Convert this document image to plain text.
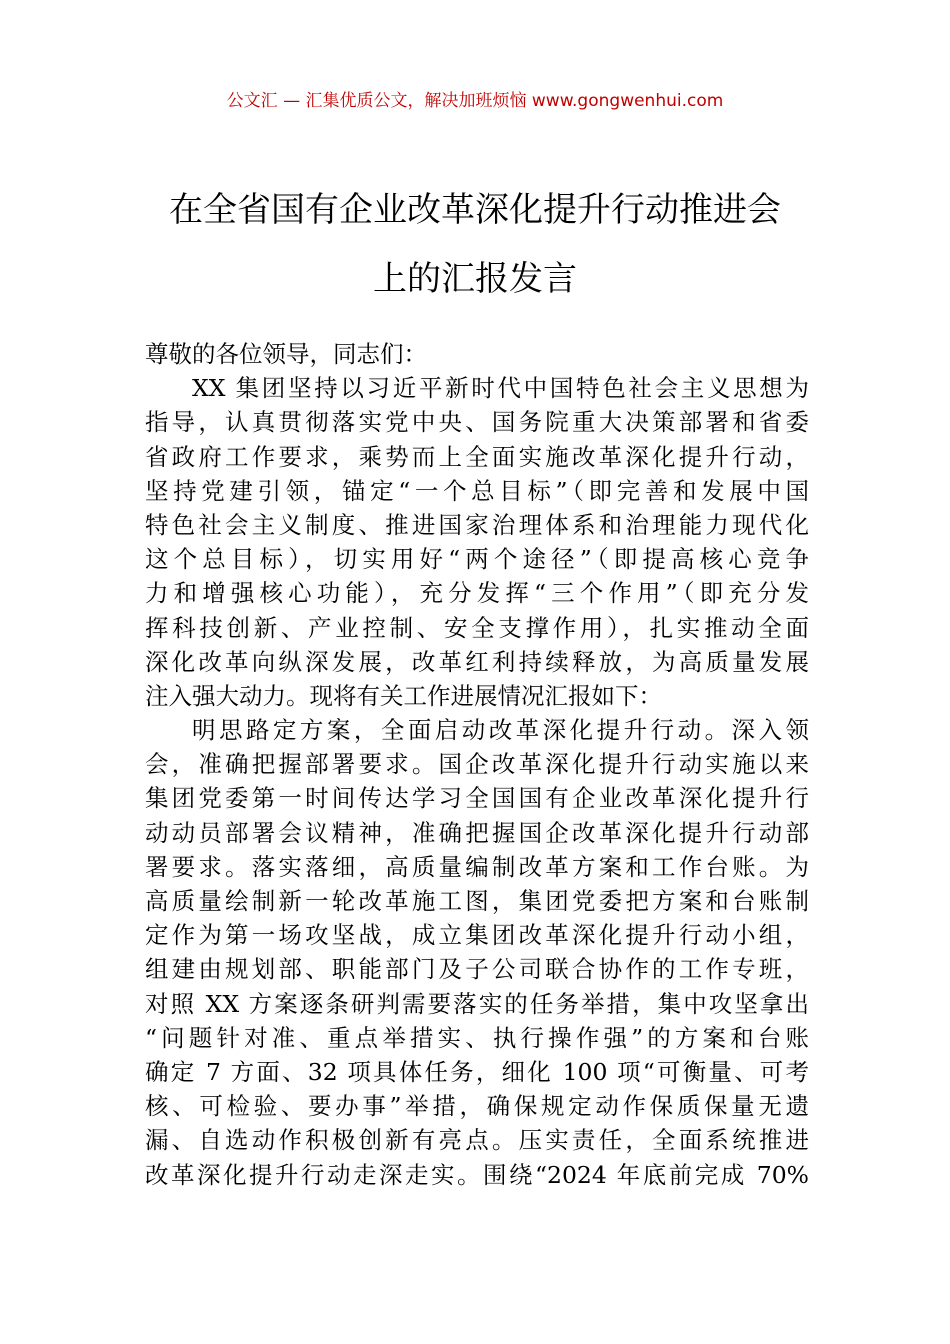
公文汇 — 汇集优质公文，解决加班烦恼 www.gongwenhui.com
在全省国有企业改革深化提升行动推进会
上的汇报发言
尊敬的各位领导，同志们：
XX 集团坚持以习近平新时代中国特色社会主义思想为
指导，认真贯彻落实党中央、国务院重大决策部署和省委
省政府工作要求，乘势而上全面实施改革深化提升行动，
坚持党建引领，锚定“一个总目标”（即完善和发展中国
特色社会主义制度、推进国家治理体系和治理能力现代化
这个总目标），切实用好“两个途径”（即提高核心竞争
力和增强核心功能），充分发挥“三个作用”（即充分发
挥科技创新、产业控制、安全支撑作用），扎实推动全面
深化改革向纵深发展，改革红利持续释放，为高质量发展
注入强大动力。现将有关工作进展情况汇报如下：
明思路定方案，全面启动改革深化提升行动。深入领
会，准确把握部署要求。国企改革深化提升行动实施以来
集团党委第一时间传达学习全国国有企业改革深化提升行
动动员部署会议精神，准确把握国企改革深化提升行动部
署要求。落实落细，高质量编制改革方案和工作台账。为
高质量绘制新一轮改革施工图，集团党委把方案和台账制
定作为第一场攻坚战，成立集团改革深化提升行动小组，
组建由规划部、职能部门及子公司联合协作的工作专班，
对照 XX 方案逐条研判需要落实的任务举措，集中攻坚拿出
“问题针对准、重点举措实、执行操作强”的方案和台账
确定 7 方面、32 项具体任务，细化 100 项“可衡量、可考
核、可检验、要办事”举措，确保规定动作保质保量无遗
漏、自选动作积极创新有亮点。压实责任，全面系统推进
改革深化提升行动走深走实。围绕“2024 年底前完成 70%
